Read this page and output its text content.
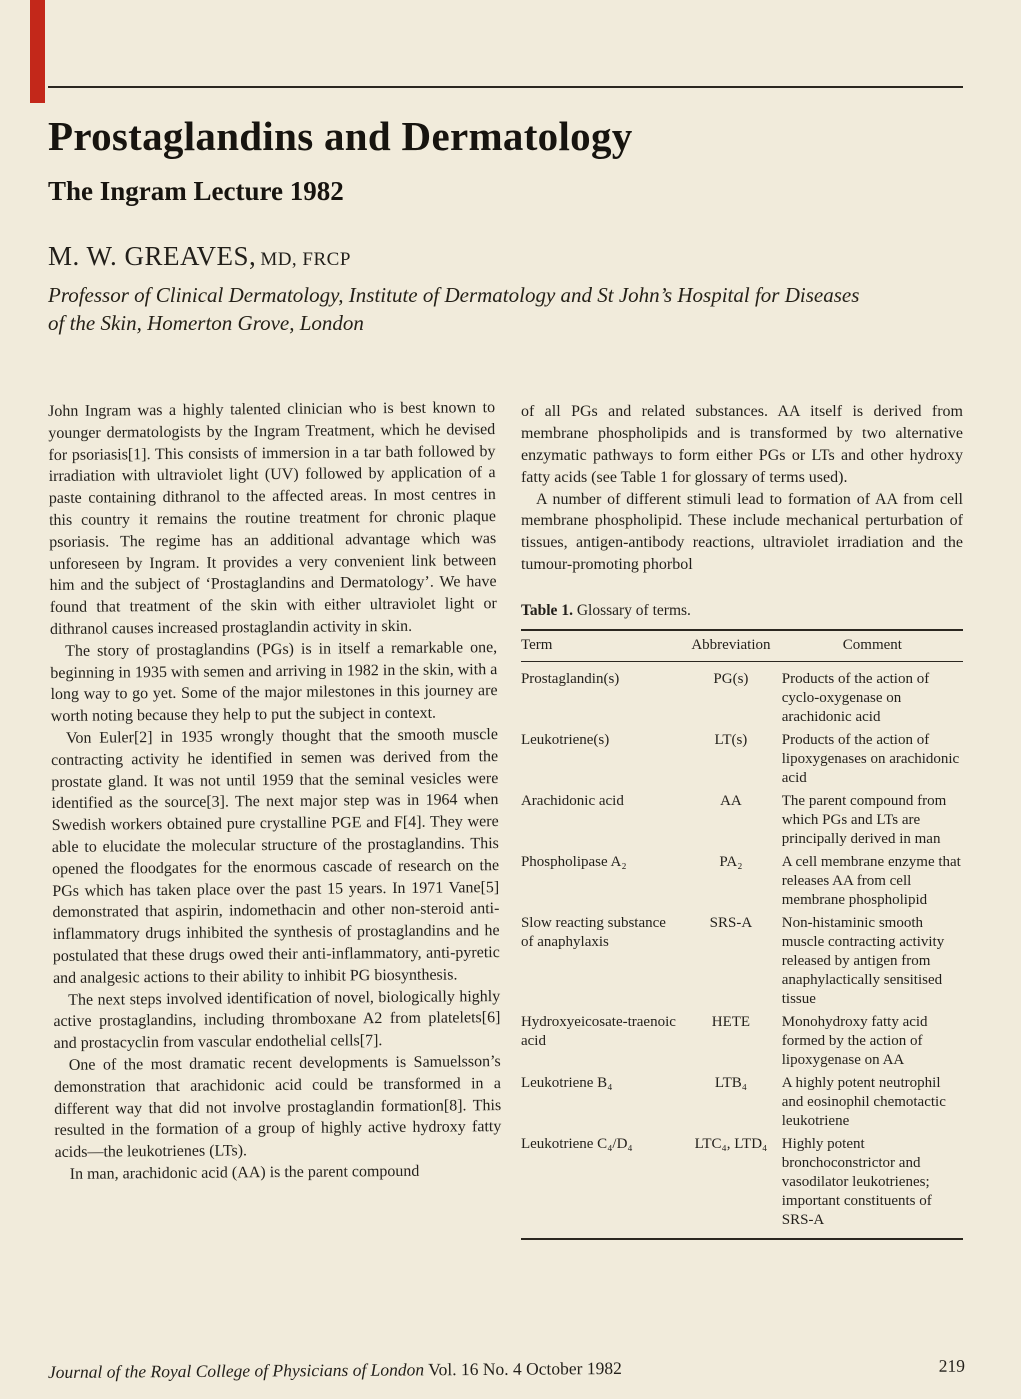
Prostaglandins and Dermatology
The Ingram Lecture 1982
M. W. GREAVES, MD, FRCP
Professor of Clinical Dermatology, Institute of Dermatology and St John’s Hospital for Diseases of the Skin, Homerton Grove, London

John Ingram was a highly talented clinician who is best known to younger dermatologists by the Ingram Treatment, which he devised for psoriasis[1]. This consists of immersion in a tar bath followed by irradiation with ultraviolet light (UV) followed by application of a paste containing dithranol to the affected areas. In most centres in this country it remains the routine treatment for chronic plaque psoriasis. The regime has an additional advantage which was unforeseen by Ingram. It provides a very convenient link between him and the subject of ‘Prostaglandins and Dermatology’. We have found that treatment of the skin with either ultraviolet light or dithranol causes increased prostaglandin activity in skin.

The story of prostaglandins (PGs) is in itself a remarkable one, beginning in 1935 with semen and arriving in 1982 in the skin, with a long way to go yet. Some of the major milestones in this journey are worth noting because they help to put the subject in context.

Von Euler[2] in 1935 wrongly thought that the smooth muscle contracting activity he identified in semen was derived from the prostate gland. It was not until 1959 that the seminal vesicles were identified as the source[3]. The next major step was in 1964 when Swedish workers obtained pure crystalline PGE and F[4]. They were able to elucidate the molecular structure of the prostaglandins. This opened the floodgates for the enormous cascade of research on the PGs which has taken place over the past 15 years. In 1971 Vane[5] demonstrated that aspirin, indomethacin and other non-steroid anti-inflammatory drugs inhibited the synthesis of prostaglandins and he postulated that these drugs owed their anti-inflammatory, anti-pyretic and analgesic actions to their ability to inhibit PG biosynthesis.

The next steps involved identification of novel, biologically highly active prostaglandins, including thromboxane A2 from platelets[6] and prostacyclin from vascular endothelial cells[7].

One of the most dramatic recent developments is Samuelsson’s demonstration that arachidonic acid could be transformed in a different way that did not involve prostaglandin formation[8]. This resulted in the formation of a group of highly active hydroxy fatty acids—the leukotrienes (LTs).

In man, arachidonic acid (AA) is the parent compound

of all PGs and related substances. AA itself is derived from membrane phospholipids and is transformed by two alternative enzymatic pathways to form either PGs or LTs and other hydroxy fatty acids (see Table 1 for glossary of terms used).

A number of different stimuli lead to formation of AA from cell membrane phospholipid. These include mechanical perturbation of tissues, antigen-antibody reactions, ultraviolet irradiation and the tumour-promoting phorbol

Table 1. Glossary of terms.
Term	Abbreviation	Comment
Prostaglandin(s)	PG(s)	Products of the action of cyclo-oxygenase on arachidonic acid
Leukotriene(s)	LT(s)	Products of the action of lipoxygenases on arachidonic acid
Arachidonic acid	AA	The parent compound from which PGs and LTs are principally derived in man
Phospholipase A₂	PA₂	A cell membrane enzyme that releases AA from cell membrane phospholipid
Slow reacting substance of anaphylaxis	SRS-A	Non-histaminic smooth muscle contracting activity released by antigen from anaphylactically sensitised tissue
Hydroxyeicosate-traenoic acid	HETE	Monohydroxy fatty acid formed by the action of lipoxygenase on AA
Leukotriene B₄	LTB₄	A highly potent neutrophil and eosinophil chemotactic leukotriene
Leukotriene C₄/D₄	LTC₄, LTD₄	Highly potent bronchoconstrictor and vasodilator leukotrienes; important constituents of SRS-A
Journal of the Royal College of Physicians of London Vol. 16 No. 4 October 1982	219
